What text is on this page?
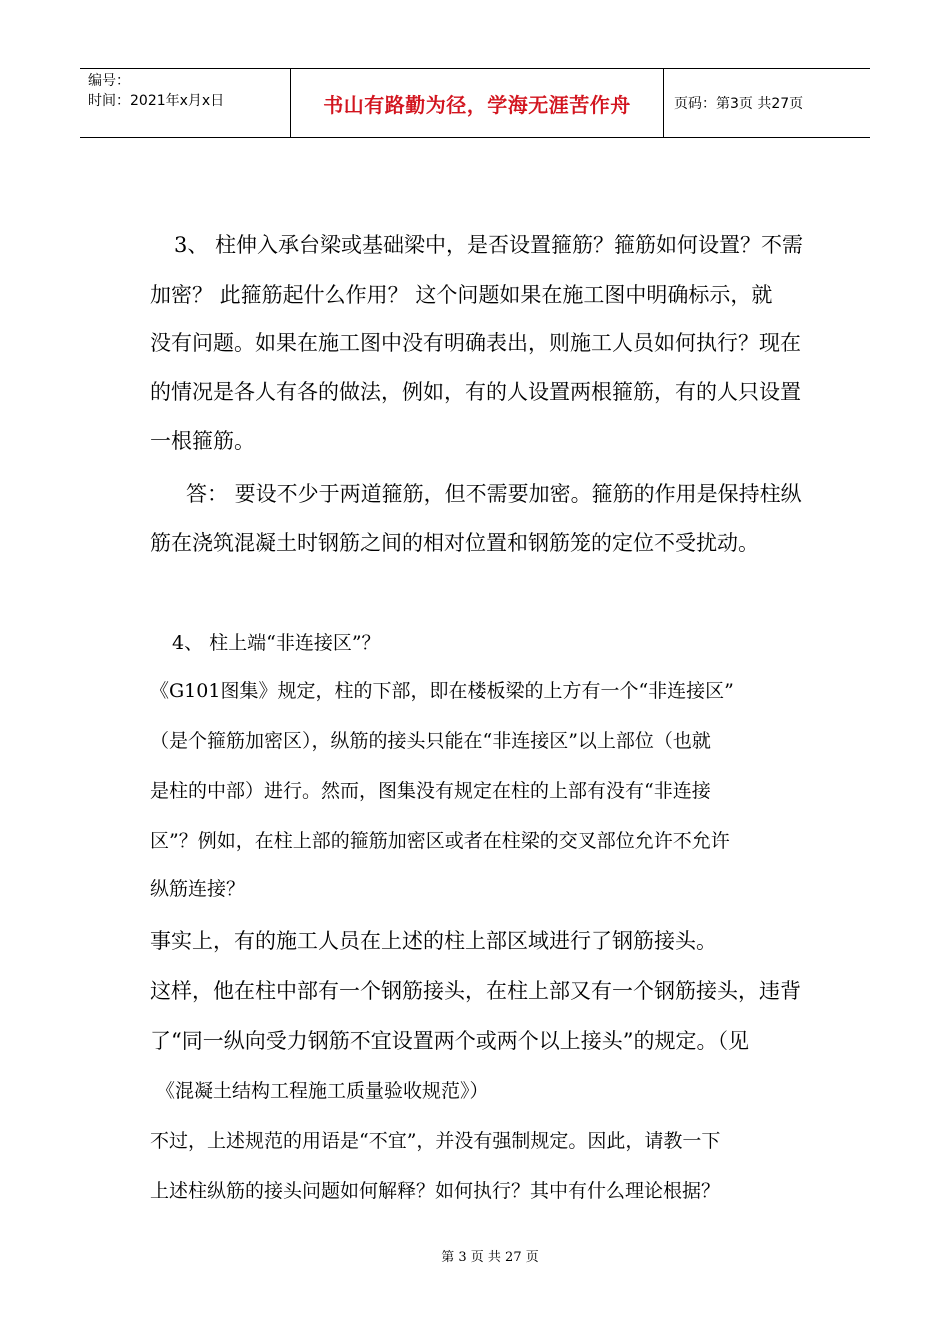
编号：
时间：2021年x月x日	书山有路勤为径，学海无涯苦作舟	页码：第3页 共27页
3、 柱伸入承台梁或基础梁中，是否设置箍筋？箍筋如何设置？不需
加密？ 此箍筋起什么作用？ 这个问题如果在施工图中明确标示，就
没有问题。如果在施工图中没有明确表出，则施工人员如何执行？现在
的情况是各人有各的做法，例如，有的人设置两根箍筋，有的人只设置
一根箍筋。
答： 要设不少于两道箍筋，但不需要加密。箍筋的作用是保持柱纵
筋在浇筑混凝土时钢筋之间的相对位置和钢筋笼的定位不受扰动。
4、 柱上端“非连接区”？
《G101图集》规定，柱的下部，即在楼板梁的上方有一个“非连接区”
（是个箍筋加密区），纵筋的接头只能在“非连接区”以上部位（也就
是柱的中部）进行。然而，图集没有规定在柱的上部有没有“非连接
区”？例如，在柱上部的箍筋加密区或者在柱梁的交叉部位允许不允许
纵筋连接？
事实上，有的施工人员在上述的柱上部区域进行了钢筋接头。
这样，他在柱中部有一个钢筋接头，在柱上部又有一个钢筋接头，违背
了“同一纵向受力钢筋不宜设置两个或两个以上接头”的规定。（见
《混凝土结构工程施工质量验收规范》）
不过，上述规范的用语是“不宜”，并没有强制规定。因此，请教一下
上述柱纵筋的接头问题如何解释？如何执行？其中有什么理论根据？
第 3 页 共 27 页
